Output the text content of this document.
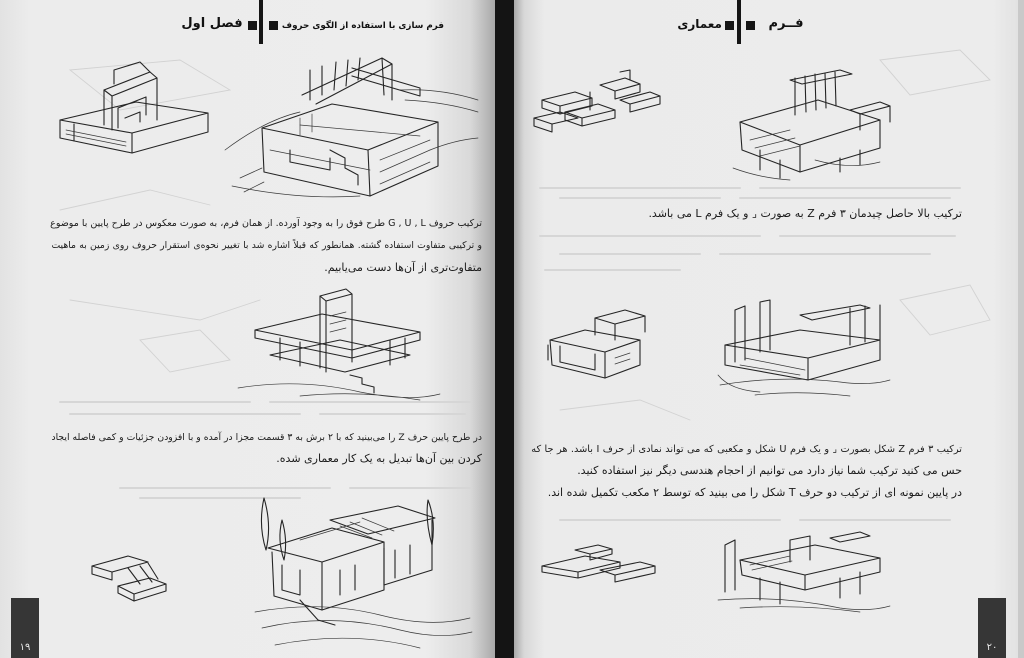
فصل اول	فرم سازی با استفاده از الگوی حروف
ترکیب حروف G , U , L طرح فوق را به وجود آورده. از همان فرم، به صورت معکوس در طرح پایین با موضوع
و ترکیبی متفاوت استفاده گشته. همانطور که قبلاً اشاره شد با تغییر نحوه‌ی استقرار حروف روی زمین به ماهیت
متفاوت‌تری از آن‌ها دست می‌یابیم.
در طرح پایین حرف Z را می‌بینید که با ۲ برش به ۳ قسمت مجزا در آمده و با افزودن جزئیات و کمی فاصله ایجاد
کردن بین آن‌ها تبدیل به یک کار معماری شده.
۱۹
معماری	فــرم
ترکیب بالا حاصل چیدمان ۳ فرم Z به صورت ⌟ و یک فرم L می باشد.
ترکیب ۳ فرم Z شکل بصورت ⌟ و یک فرم U شکل و مکعبی که می تواند نمادی از حرف I باشد. هر جا که
حس می کنید ترکیب شما نیاز دارد می توانیم از احجام هندسی دیگر نیز استفاده کنید.
در پایین نمونه ای از ترکیب دو حرف T شکل را می بینید که توسط ۲ مکعب تکمیل شده اند.
۲۰
